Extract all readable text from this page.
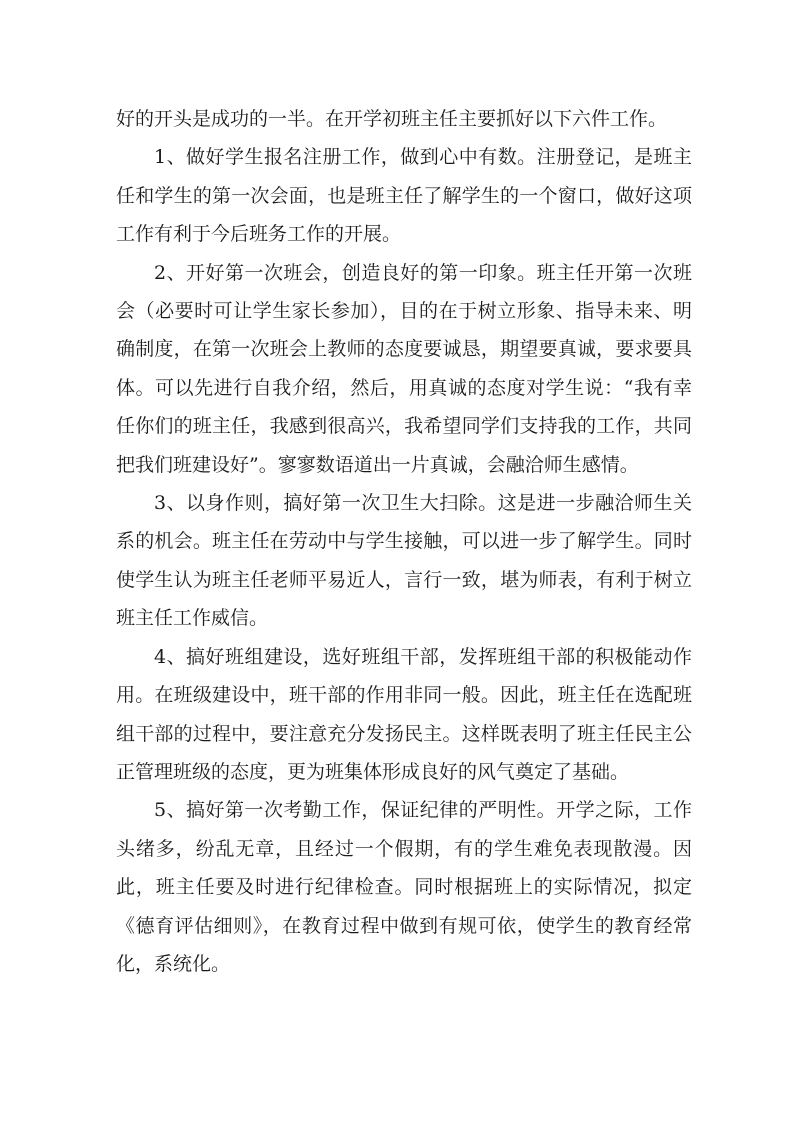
好的开头是成功的一半。在开学初班主任主要抓好以下六件工作。

1、做好学生报名注册工作，做到心中有数。注册登记，是班主任和学生的第一次会面，也是班主任了解学生的一个窗口，做好这项工作有利于今后班务工作的开展。

2、开好第一次班会，创造良好的第一印象。班主任开第一次班会（必要时可让学生家长参加），目的在于树立形象、指导未来、明确制度，在第一次班会上教师的态度要诚恳，期望要真诚，要求要具体。可以先进行自我介绍，然后，用真诚的态度对学生说：“我有幸任你们的班主任，我感到很高兴，我希望同学们支持我的工作，共同把我们班建设好”。寥寥数语道出一片真诚，会融洽师生感情。

3、以身作则，搞好第一次卫生大扫除。这是进一步融洽师生关系的机会。班主任在劳动中与学生接触，可以进一步了解学生。同时使学生认为班主任老师平易近人，言行一致，堪为师表，有利于树立班主任工作威信。

4、搞好班组建设，选好班组干部，发挥班组干部的积极能动作用。在班级建设中，班干部的作用非同一般。因此，班主任在选配班组干部的过程中，要注意充分发扬民主。这样既表明了班主任民主公正管理班级的态度，更为班集体形成良好的风气奠定了基础。

5、搞好第一次考勤工作，保证纪律的严明性。开学之际，工作头绪多，纷乱无章，且经过一个假期，有的学生难免表现散漫。因此，班主任要及时进行纪律检查。同时根据班上的实际情况，拟定《德育评估细则》，在教育过程中做到有规可依，使学生的教育经常化，系统化。
